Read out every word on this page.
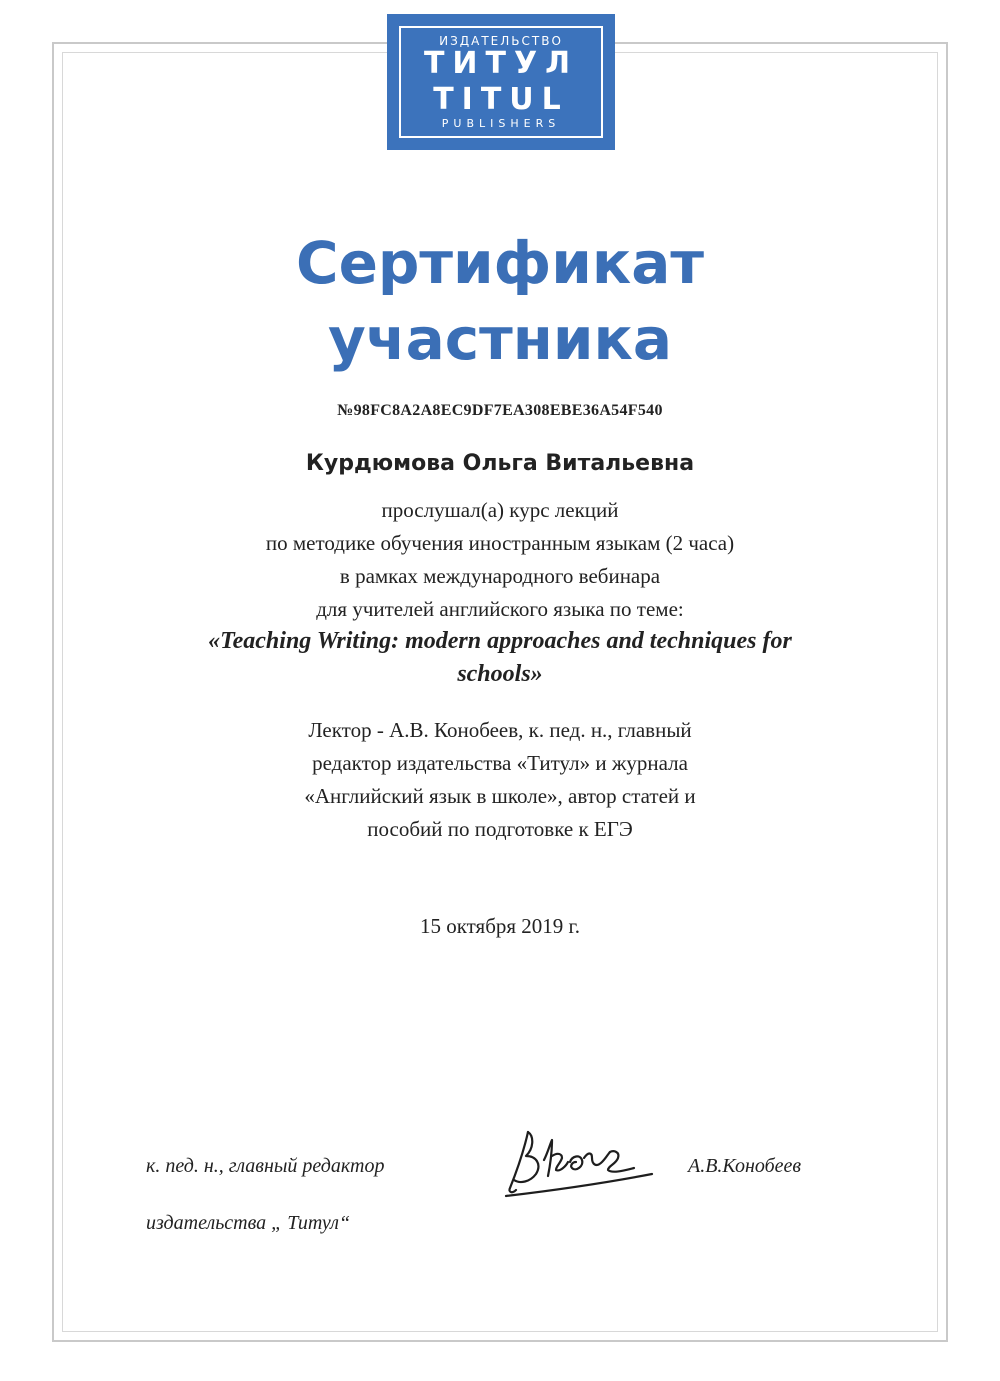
ИЗДАТЕЛЬСТВО
ТИТУЛ
TITUL
PUBLISHERS
Сертификат
участника
№98FC8A2A8EC9DF7EA308EBE36A54F540
Курдюмова Ольга Витальевна
прослушал(а) курс лекций
по методике обучения иностранным языкам (2 часа)
в рамках международного вебинара
для учителей английского языка по теме:
«Teaching Writing: modern approaches and techniques for
schools»
Лектор - А.В. Конобеев, к. пед. н., главный
редактор издательства «Титул» и журнала
«Английский язык в школе», автор статей и
пособий по подготовке к ЕГЭ
15 октября 2019 г.
к. пед. н., главный редактор
издательства „ Титул“
А.В.Конобеев
